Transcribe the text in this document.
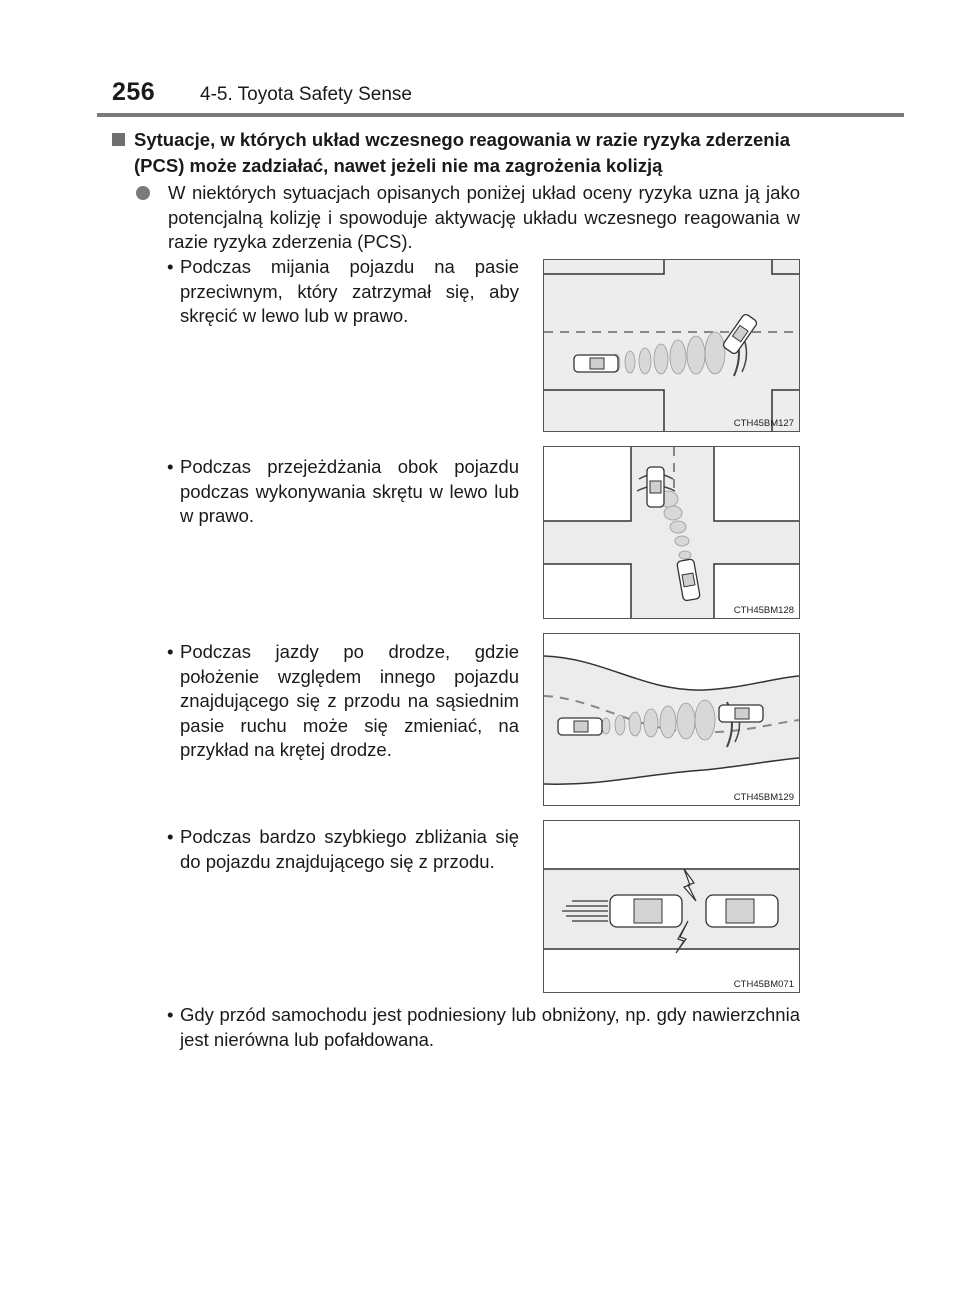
256 4-5. Toyota Safety Sense
Sytuacje, w których układ wczesnego reagowania w razie ryzyka zderzenia (PCS) może zadziałać, nawet jeżeli nie ma zagrożenia kolizją
W niektórych sytuacjach opisanych poniżej układ oceny ryzyka uzna ją jako potencjalną kolizję i spowoduje aktywację układu wczesnego reagowania w razie ryzyka zderzenia (PCS).
• Podczas mijania pojazdu na pasie przeciwnym, który zatrzymał się, aby skręcić w lewo lub w prawo.
CTH45BM127
• Podczas przejeżdżania obok pojazdu podczas wykonywania skrętu w lewo lub w prawo.
CTH45BM128
• Podczas jazdy po drodze, gdzie położenie względem innego pojazdu znajdującego się z przodu na sąsiednim pasie ruchu może się zmieniać, na przykład na krętej drodze.
CTH45BM129
• Podczas bardzo szybkiego zbliżania się do pojazdu znajdującego się z przodu.
CTH45BM071
• Gdy przód samochodu jest podniesiony lub obniżony, np. gdy nawierzchnia jest nierówna lub pofałdowana.
